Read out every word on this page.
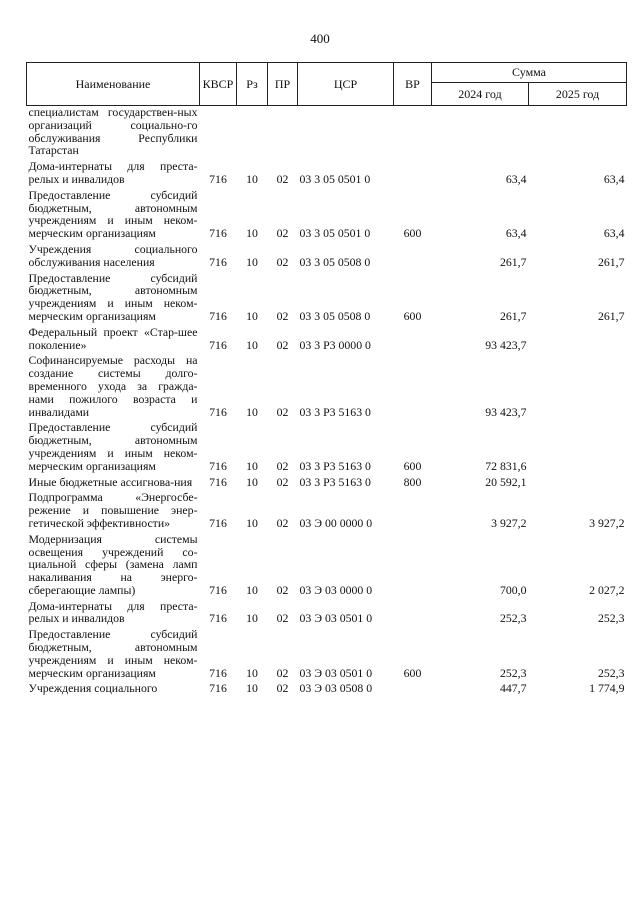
400
Наименование	КВСР	Рз	ПР	ЦСР	ВР	Сумма	
						2024 год	2025 год
специалистам государствен-ных организаций социально-го обслуживания Республики Татарстан							

Дома-интернаты для преста-релых и инвалидов	716	10	02	03 3 05 0501 0		63,4	63,4

Предоставление субсидий бюджетным, автономным учреждениям и иным неком-мерческим организациям	716	10	02	03 3 05 0501 0	600	63,4	63,4

Учреждения социального обслуживания населения	716	10	02	03 3 05 0508 0		261,7	261,7

Предоставление субсидий бюджетным, автономным учреждениям и иным неком-мерческим организациям	716	10	02	03 3 05 0508 0	600	261,7	261,7

Федеральный проект «Стар-шее поколение»	716	10	02	03 3 Р3 0000 0		93 423,7	

Софинансируемые расходы на создание системы долго-временного ухода за гражда-нами пожилого возраста и инвалидами	716	10	02	03 3 Р3 5163 0		93 423,7	

Предоставление субсидий бюджетным, автономным учреждениям и иным неком-мерческим организациям	716	10	02	03 3 Р3 5163 0	600	72 831,6	

Иные бюджетные ассигнова-ния	716	10	02	03 3 Р3 5163 0	800	20 592,1	

Подпрограмма «Энергосбе-режение и повышение энер-гетической эффективности»	716	10	02	03 Э 00 0000 0		3 927,2	3 927,2

Модернизация системы освещения учреждений со-циальной сферы (замена ламп накаливания на энерго-сберегающие лампы)	716	10	02	03 Э 03 0000 0		700,0	2 027,2

Дома-интернаты для преста-релых и инвалидов	716	10	02	03 Э 03 0501 0		252,3	252,3

Предоставление субсидий бюджетным, автономным учреждениям и иным неком-мерческим организациям	716	10	02	03 Э 03 0501 0	600	252,3	252,3

Учреждения социального	716	10	02	03 Э 03 0508 0		447,7	1 774,9
